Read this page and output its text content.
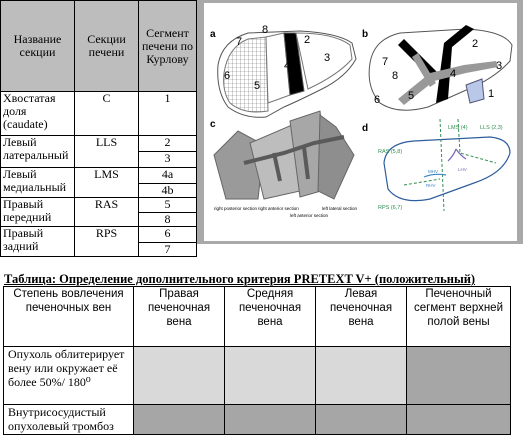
Название секции	Секции печени	Сегмент печени по Курлову
Хвостатая доля (caudate)	C	1
Левый латеральный	LLS	2
		3
Левый медиальный	LMS	4a
		4b
Правый передний	RAS	5
		8
Правый задний	RPS	6
		7
a
7
8
2
3
4
5
6
b
7
8
2
3
4
5
6	1
c
right posterior section right anterior section
left anterior section
left lateral section
d	LMS (4) LLS (2,3)
RAS (5,8)
RPS (6,7)
MHV
RHV
LHV
Таблица: Определение дополнительного критерия PRETEXT V+ (положительный)
Степень вовлечения печеночных вен	Правая печеночная вена	Средняя печеночная вена	Левая печеночная вена	Печеночный сегмент верхней полой вены
Опухоль облитерирует вену или окружает её более 50%/ 180⁰				
Внутрисосудистый опухолевый тромбоз				
